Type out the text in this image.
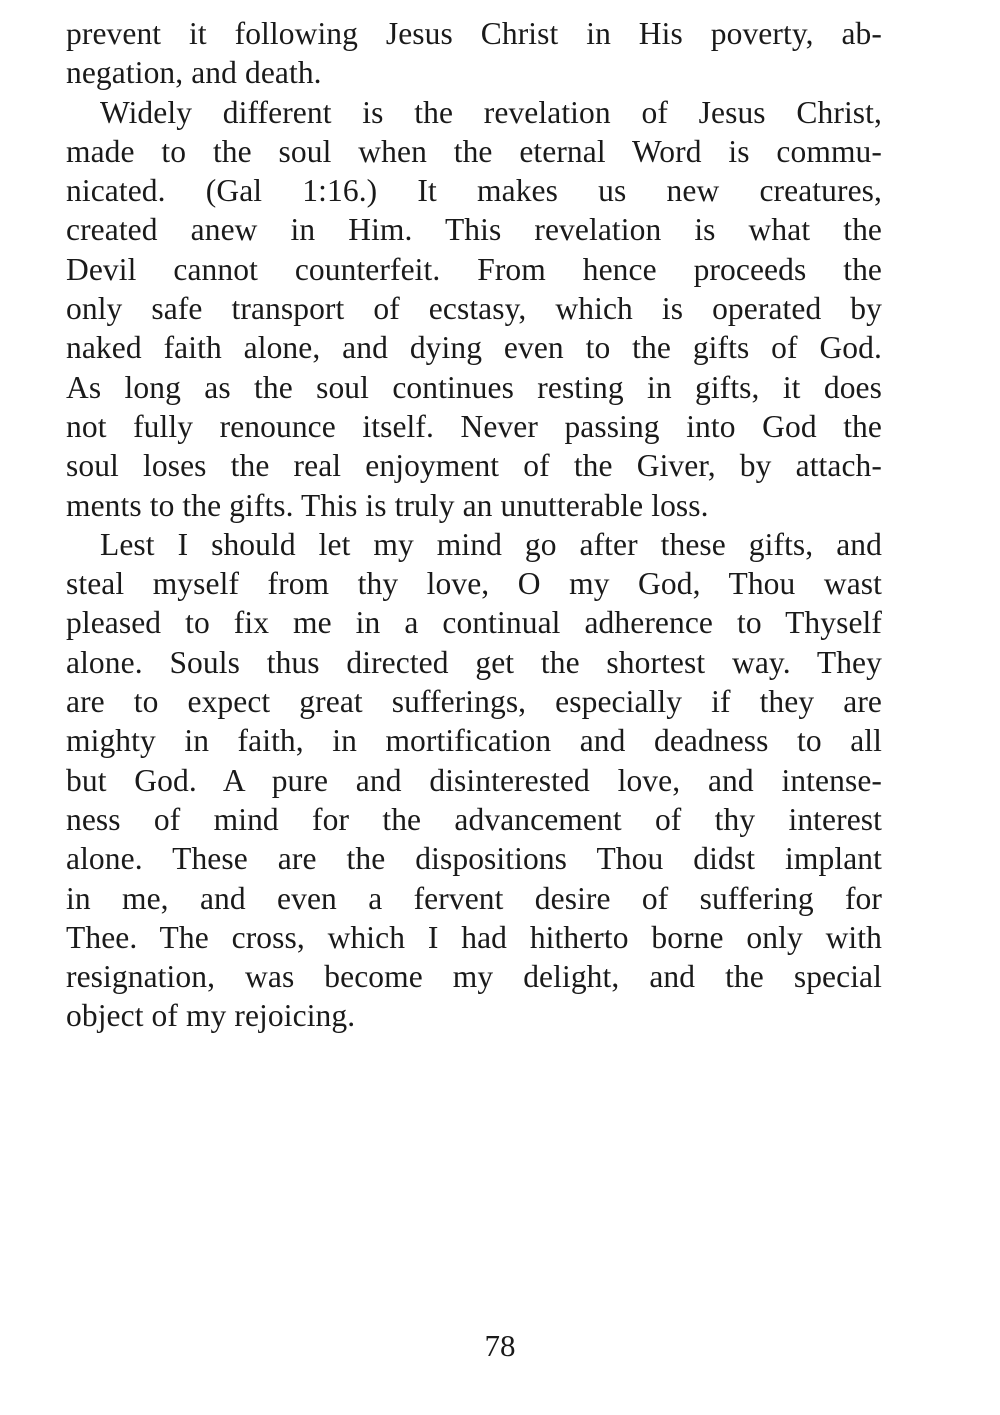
prevent it following Jesus Christ in His poverty, ab-
negation, and death.
Widely different is the revelation of Jesus Christ,
made to the soul when the eternal Word is commu-
nicated. (Gal 1:16.) It makes us new creatures,
created anew in Him. This revelation is what the
Devil cannot counterfeit. From hence proceeds the
only safe transport of ecstasy, which is operated by
naked faith alone, and dying even to the gifts of God.
As long as the soul continues resting in gifts, it does
not fully renounce itself. Never passing into God the
soul loses the real enjoyment of the Giver, by attach-
ments to the gifts. This is truly an unutterable loss.
Lest I should let my mind go after these gifts, and
steal myself from thy love, O my God, Thou wast
pleased to fix me in a continual adherence to Thyself
alone. Souls thus directed get the shortest way. They
are to expect great sufferings, especially if they are
mighty in faith, in mortification and deadness to all
but God. A pure and disinterested love, and intense-
ness of mind for the advancement of thy interest
alone. These are the dispositions Thou didst implant
in me, and even a fervent desire of suffering for
Thee. The cross, which I had hitherto borne only with
resignation, was become my delight, and the special
object of my rejoicing.
78
